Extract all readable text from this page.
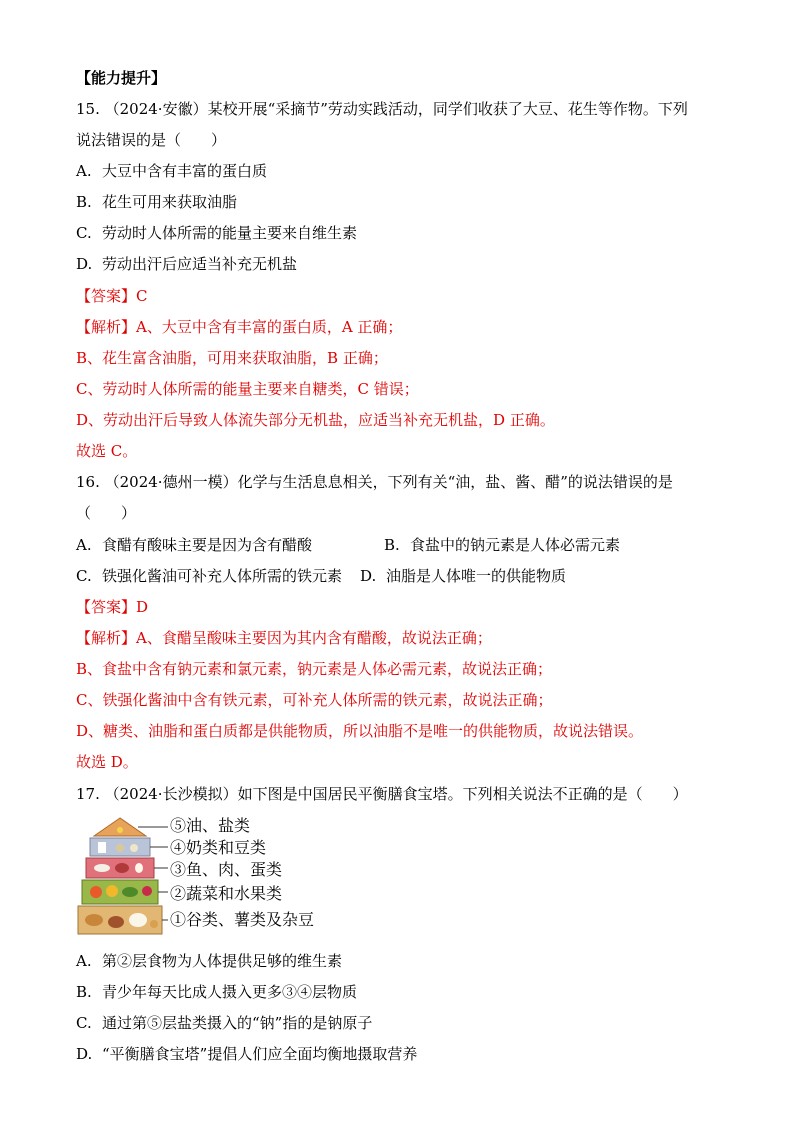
【能力提升】
15. （2024·安徽）某校开展“采摘节”劳动实践活动，同学们收获了大豆、花生等作物。下列
说法错误的是（　　）
A. 大豆中含有丰富的蛋白质
B. 花生可用来获取油脂
C. 劳动时人体所需的能量主要来自维生素
D. 劳动出汗后应适当补充无机盐
【答案】C
【解析】A、大豆中含有丰富的蛋白质，A 正确；
B、花生富含油脂，可用来获取油脂，B 正确；
C、劳动时人体所需的能量主要来自糖类，C 错误；
D、劳动出汗后导致人体流失部分无机盐，应适当补充无机盐，D 正确。
故选 C。
16. （2024·德州一模）化学与生活息息相关，下列有关“油，盐、酱、醋”的说法错误的是
（　　）
A. 食醋有酸味主要是因为含有醋酸	B. 食盐中的钠元素是人体必需元素
C. 铁强化酱油可补充人体所需的铁元素 D. 油脂是人体唯一的供能物质
【答案】D
【解析】A、食醋呈酸味主要因为其内含有醋酸，故说法正确；
B、食盐中含有钠元素和氯元素，钠元素是人体必需元素，故说法正确；
C、铁强化酱油中含有铁元素，可补充人体所需的铁元素，故说法正确；
D、糖类、油脂和蛋白质都是供能物质，所以油脂不是唯一的供能物质，故说法错误。
故选 D。
17. （2024·长沙模拟）如下图是中国居民平衡膳食宝塔。下列相关说法不正确的是（　　）
⑤油、盐类
④奶类和豆类
③鱼、肉、蛋类
②蔬菜和水果类
①谷类、薯类及杂豆
A. 第②层食物为人体提供足够的维生素
B. 青少年每天比成人摄入更多③④层物质
C. 通过第⑤层盐类摄入的“钠”指的是钠原子
D. “平衡膳食宝塔”提倡人们应全面均衡地摄取营养
